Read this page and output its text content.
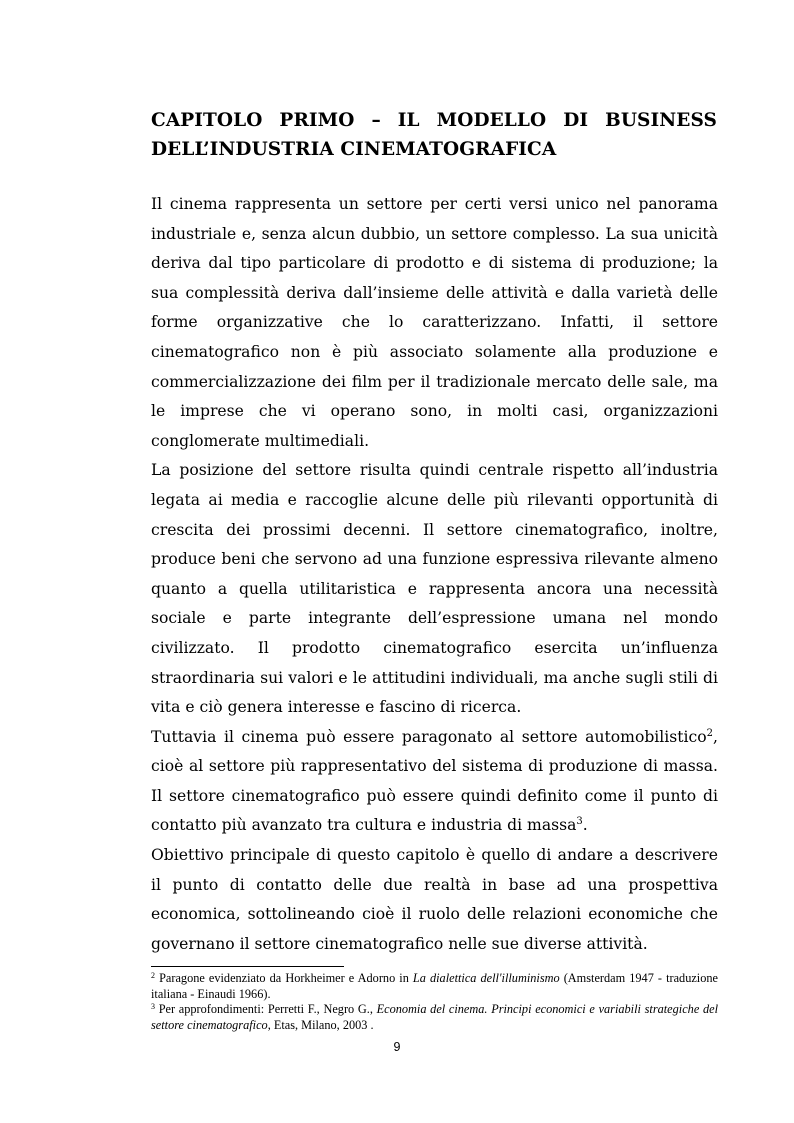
CAPITOLO PRIMO – IL MODELLO DI BUSINESS
DELL’INDUSTRIA CINEMATOGRAFICA

Il cinema rappresenta un settore per certi versi unico nel panorama industriale e, senza alcun dubbio, un settore complesso. La sua unicità deriva dal tipo particolare di prodotto e di sistema di produzione; la sua complessità deriva dall’insieme delle attività e dalla varietà delle forme organizzative che lo caratterizzano. Infatti, il settore cinematografico non è più associato solamente alla produzione e commercializzazione dei film per il tradizionale mercato delle sale, ma le imprese che vi operano sono, in molti casi, organizzazioni conglomerate multimediali.

La posizione del settore risulta quindi centrale rispetto all’industria legata ai media e raccoglie alcune delle più rilevanti opportunità di crescita dei prossimi decenni. Il settore cinematografico, inoltre, produce beni che servono ad una funzione espressiva rilevante almeno quanto a quella utilitaristica e rappresenta ancora una necessità sociale e parte integrante dell’espressione umana nel mondo civilizzato. Il prodotto cinematografico esercita un’influenza straordinaria sui valori e le attitudini individuali, ma anche sugli stili di vita e ciò genera interesse e fascino di ricerca.

Tuttavia il cinema può essere paragonato al settore automobilistico$^2$, cioè al settore più rappresentativo del sistema di produzione di massa. Il settore cinematografico può essere quindi definito come il punto di contatto più avanzato tra cultura e industria di massa$^3$.

Obiettivo principale di questo capitolo è quello di andare a descrivere il punto di contatto delle due realtà in base ad una prospettiva economica, sottolineando cioè il ruolo delle relazioni economiche che governano il settore cinematografico nelle sue diverse attività.

$^2$ Paragone evidenziato da Horkheimer e Adorno in La dialettica dell'illuminismo (Amsterdam 1947 - traduzione italiana - Einaudi 1966).

$^3$ Per approfondimenti: Perretti F., Negro G., Economia del cinema. Principi economici e variabili strategiche del settore cinematografico, Etas, Milano, 2003 .

9
